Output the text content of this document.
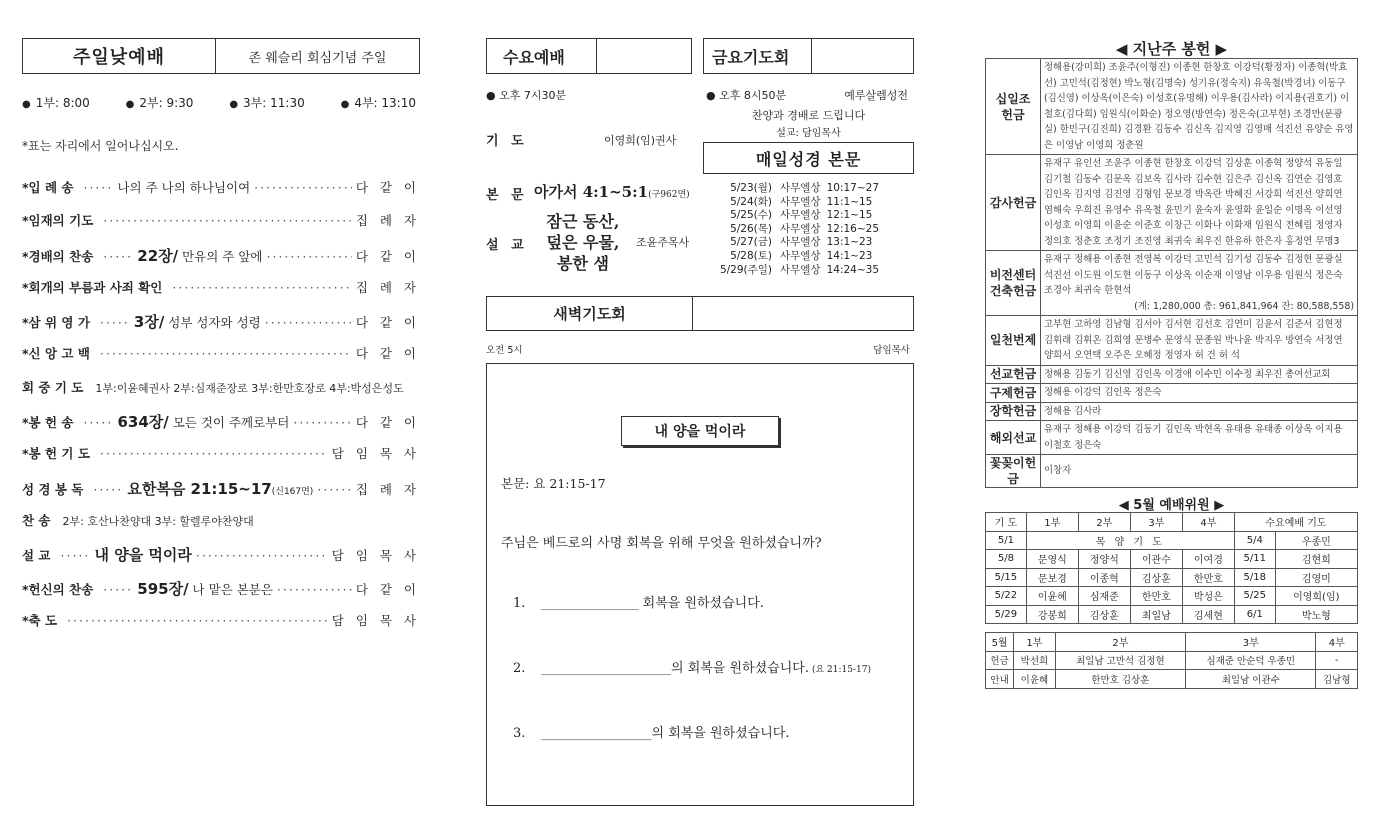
주일낮예배	존 웨슬리 회심기념 주일
● 1부: 8:00	● 2부: 9:30	● 3부: 11:30	● 4부: 13:10
*표는 자리에서 일어나십시오.
*입 례 송 ·····	나의 주 나의 하나님이여 ·····	다 같 이
*임재의 기도 ·····	집 례 자
*경배의 찬송 ·····	22장/ 만유의 주 앞에 ·····	다 같 이
*회개의 부름과 사죄 확인 ·····	집 례 자
*삼 위 영 가 ·····	3장/ 성부 성자와 성령 ·····	다 같 이
*신 앙 고 백 ·····	다 같 이
회 중 기 도 1부:이윤혜권사 2부:심재준장로 3부:한만호장로 4부:박성은성도
*봉 헌 송 ·····	634장/ 모든 것이 주께로부터 ·····	다 같 이
*봉 헌 기 도 ·····	담 임 목 사
성 경 봉 독 ·····	요한복음 21:15~17(신167면) ·····	집 례 자
찬 송 2부: 호산나찬양대 3부: 할렐루야찬양대
설 교 ·····	내 양을 먹이라 ·····	담 임 목 사
*헌신의 찬송 ·····	595장/ 나 맡은 본분은 ·····	다 같 이
*축 도 ·····	담 임 목 사
수요예배	금요기도회
● 오후 7시30분	● 오후 8시50분	예루살렘성전
찬양과 경배로 드립니다
설교: 담임목사
기 도	이영희(임)권사
매일성경 본문
본 문 아가서 4:1~5:1(구962면)
설 교
잠근 동산,
덮은 우물,
봉한 샘
조윤주목사
5/23(월) 사무엘상 10:17~27
5/24(화) 사무엘상 11:1~15
5/25(수) 사무엘상 12:1~15
5/26(목) 사무엘상 12:16~25
5/27(금) 사무엘상 13:1~23
5/28(토) 사무엘상 14:1~23
5/29(주일) 사무엘상 14:24~35
새벽기도회
오전 5시	담임목사
내 양을 먹이라
본문: 요 21:15-17
주님은 베드로의 사명 회복을 위해 무엇을 원하셨습니까?
1. _______________ 회복을 원하셨습니다.
2. ____________________의 회복을 원하셨습니다. (요 21:15-17)
3. _________________의 회복을 원하셨습니다.
◀ 지난주 봉헌 ▶
십일조
헌금	정해용(강미희) 조윤주(이형진) 이종현 한창호 이강덕(황정자) 이종혁(박효선) 고민석(김정현) 박노형(김명숙) 성기유(정숙지) 유욱철(박경녀) 이동구(김신영) 이상옥(이은숙) 이성호(유명해) 이우용(김사라) 이지용(권호기) 이철호(김다희) 임원식(이화순) 정오영(방연숙) 정은숙(고부현) 조경만(문광실) 한민구(김진희) 김경환 김동수 김신옥 김지영 김영매 석진선 유양순 유영은 이영남 이영희 정춘원
감사헌금	유재구 유인선 조윤주 이종현 한창호 이강덕 김상훈 이종혁 정양석 유동일 김기철 김동수 김문옥 김보옥 김사라 김수현 김은주 김신옥 김연순 김영호 김인옥 김지영 김진영 김형임 문보경 박옥란 박혜진 서강희 석진선 양희연 염해숙 우희진 유영수 유옥철 윤민기 윤숙자 윤영화 윤일순 이명옥 이선영 이성호 이영희 이윤순 이준호 이창근 이화나 이화재 임원식 전혜림 정영자 정의호 정춘호 조정기 조진영 최귀숙 최우진 한유하 한은자 홍정연 무명3
비전센터
건축헌금	유재구 정해용 이종현 전영복 이강덕 고민석 김기성 김동수 김정현 문광실 석진선 이도원 이도현 이동구 이상옥 이순재 이영남 이우용 임원식 정은숙 조경아 최귀숙 한현석
(계: 1,280,000 총: 961,841,964 잔: 80,588,558)

일천번제	고부현 고하영 김남형 김서아 김서현 김선호 김연미 김윤서 김준서 김현정 김휘래 김휘온 김희영 문병수 문영식 문종원 박나윤 박지우 방연숙 서정연 양희서 오연택 오주은 오혜정 정영자 허 건 허 석
선교헌금	정해용 김동기 김신영 김인옥 이경애 이수민 이수정 최우진 총여선교회
구제헌금	정해용 이강덕 김인옥 정은숙
장학헌금	정해용 김사라
해외선교	유재구 정해용 이강덕 김동기 김인옥 박현옥 유태용 유태종 이상옥 이지용 이철호 정은숙
꽃꽂이헌금	이창자
◀ 5월 예배위원 ▶
기 도	1부	2부	3부	4부	수요예배 기도	
5/1	목 양 기 도				5/4	우종민
5/8	문영식	정양석	이관수	이여경	5/11	김현희
5/15	문보경	이종혁	김상훈	한만호	5/18	김영미
5/22	이윤혜	심재준	한만호	박성은	5/25	이영희(임)
5/29	강봉희	김상훈	최일남	김세현	6/1	박노형
5월	1부	2부	3부	4부
헌금	박선희	최일남 고만석 김정현	심재준 안순덕 우종민	-
안내	이윤혜	한만호 김상훈	최일남 이관수	김남형
